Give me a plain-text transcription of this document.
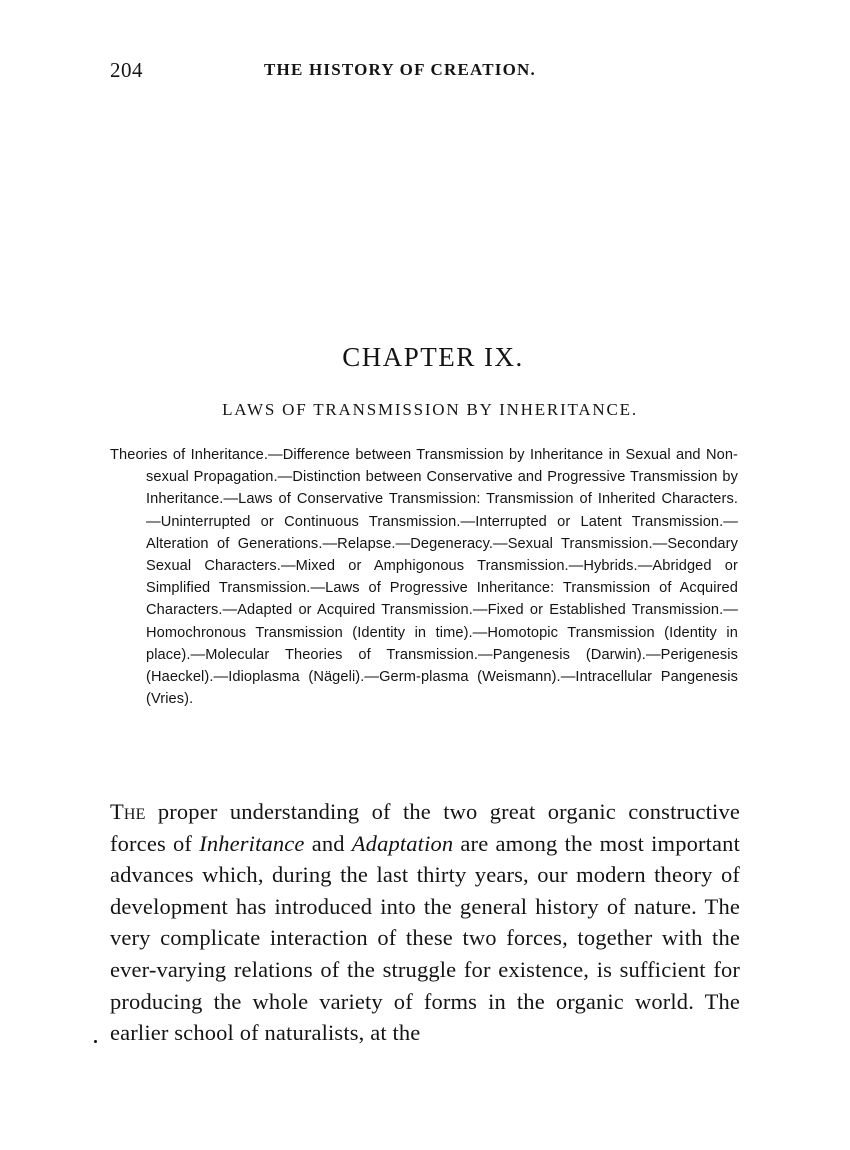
204	THE HISTORY OF CREATION.
CHAPTER IX.
LAWS OF TRANSMISSION BY INHERITANCE.
Theories of Inheritance.—Difference between Transmission by Inheritance in Sexual and Non-sexual Propagation.—Distinction between Conservative and Progressive Transmission by Inheritance.—Laws of Conservative Transmission: Transmission of Inherited Characters.—Uninterrupted or Continuous Transmission.—Interrupted or Latent Transmission.—Alteration of Generations.—Relapse.—Degeneracy.—Sexual Transmission.—Secondary Sexual Characters.—Mixed or Amphigonous Transmission.—Hybrids.—Abridged or Simplified Transmission.—Laws of Progressive Inheritance: Transmission of Acquired Characters.—Adapted or Acquired Transmission.—Fixed or Established Transmission.—Homochronous Transmission (Identity in time).—Homotopic Transmission (Identity in place).—Molecular Theories of Transmission.—Pangenesis (Darwin).—Perigenesis (Haeckel).—Idioplasma (Nägeli).—Germ-plasma (Weismann).—Intracellular Pangenesis (Vries).
The proper understanding of the two great organic constructive forces of Inheritance and Adaptation are among the most important advances which, during the last thirty years, our modern theory of development has introduced into the general history of nature. The very complicate interaction of these two forces, together with the ever-varying relations of the struggle for existence, is sufficient for producing the whole variety of forms in the organic world. The earlier school of naturalists, at the
